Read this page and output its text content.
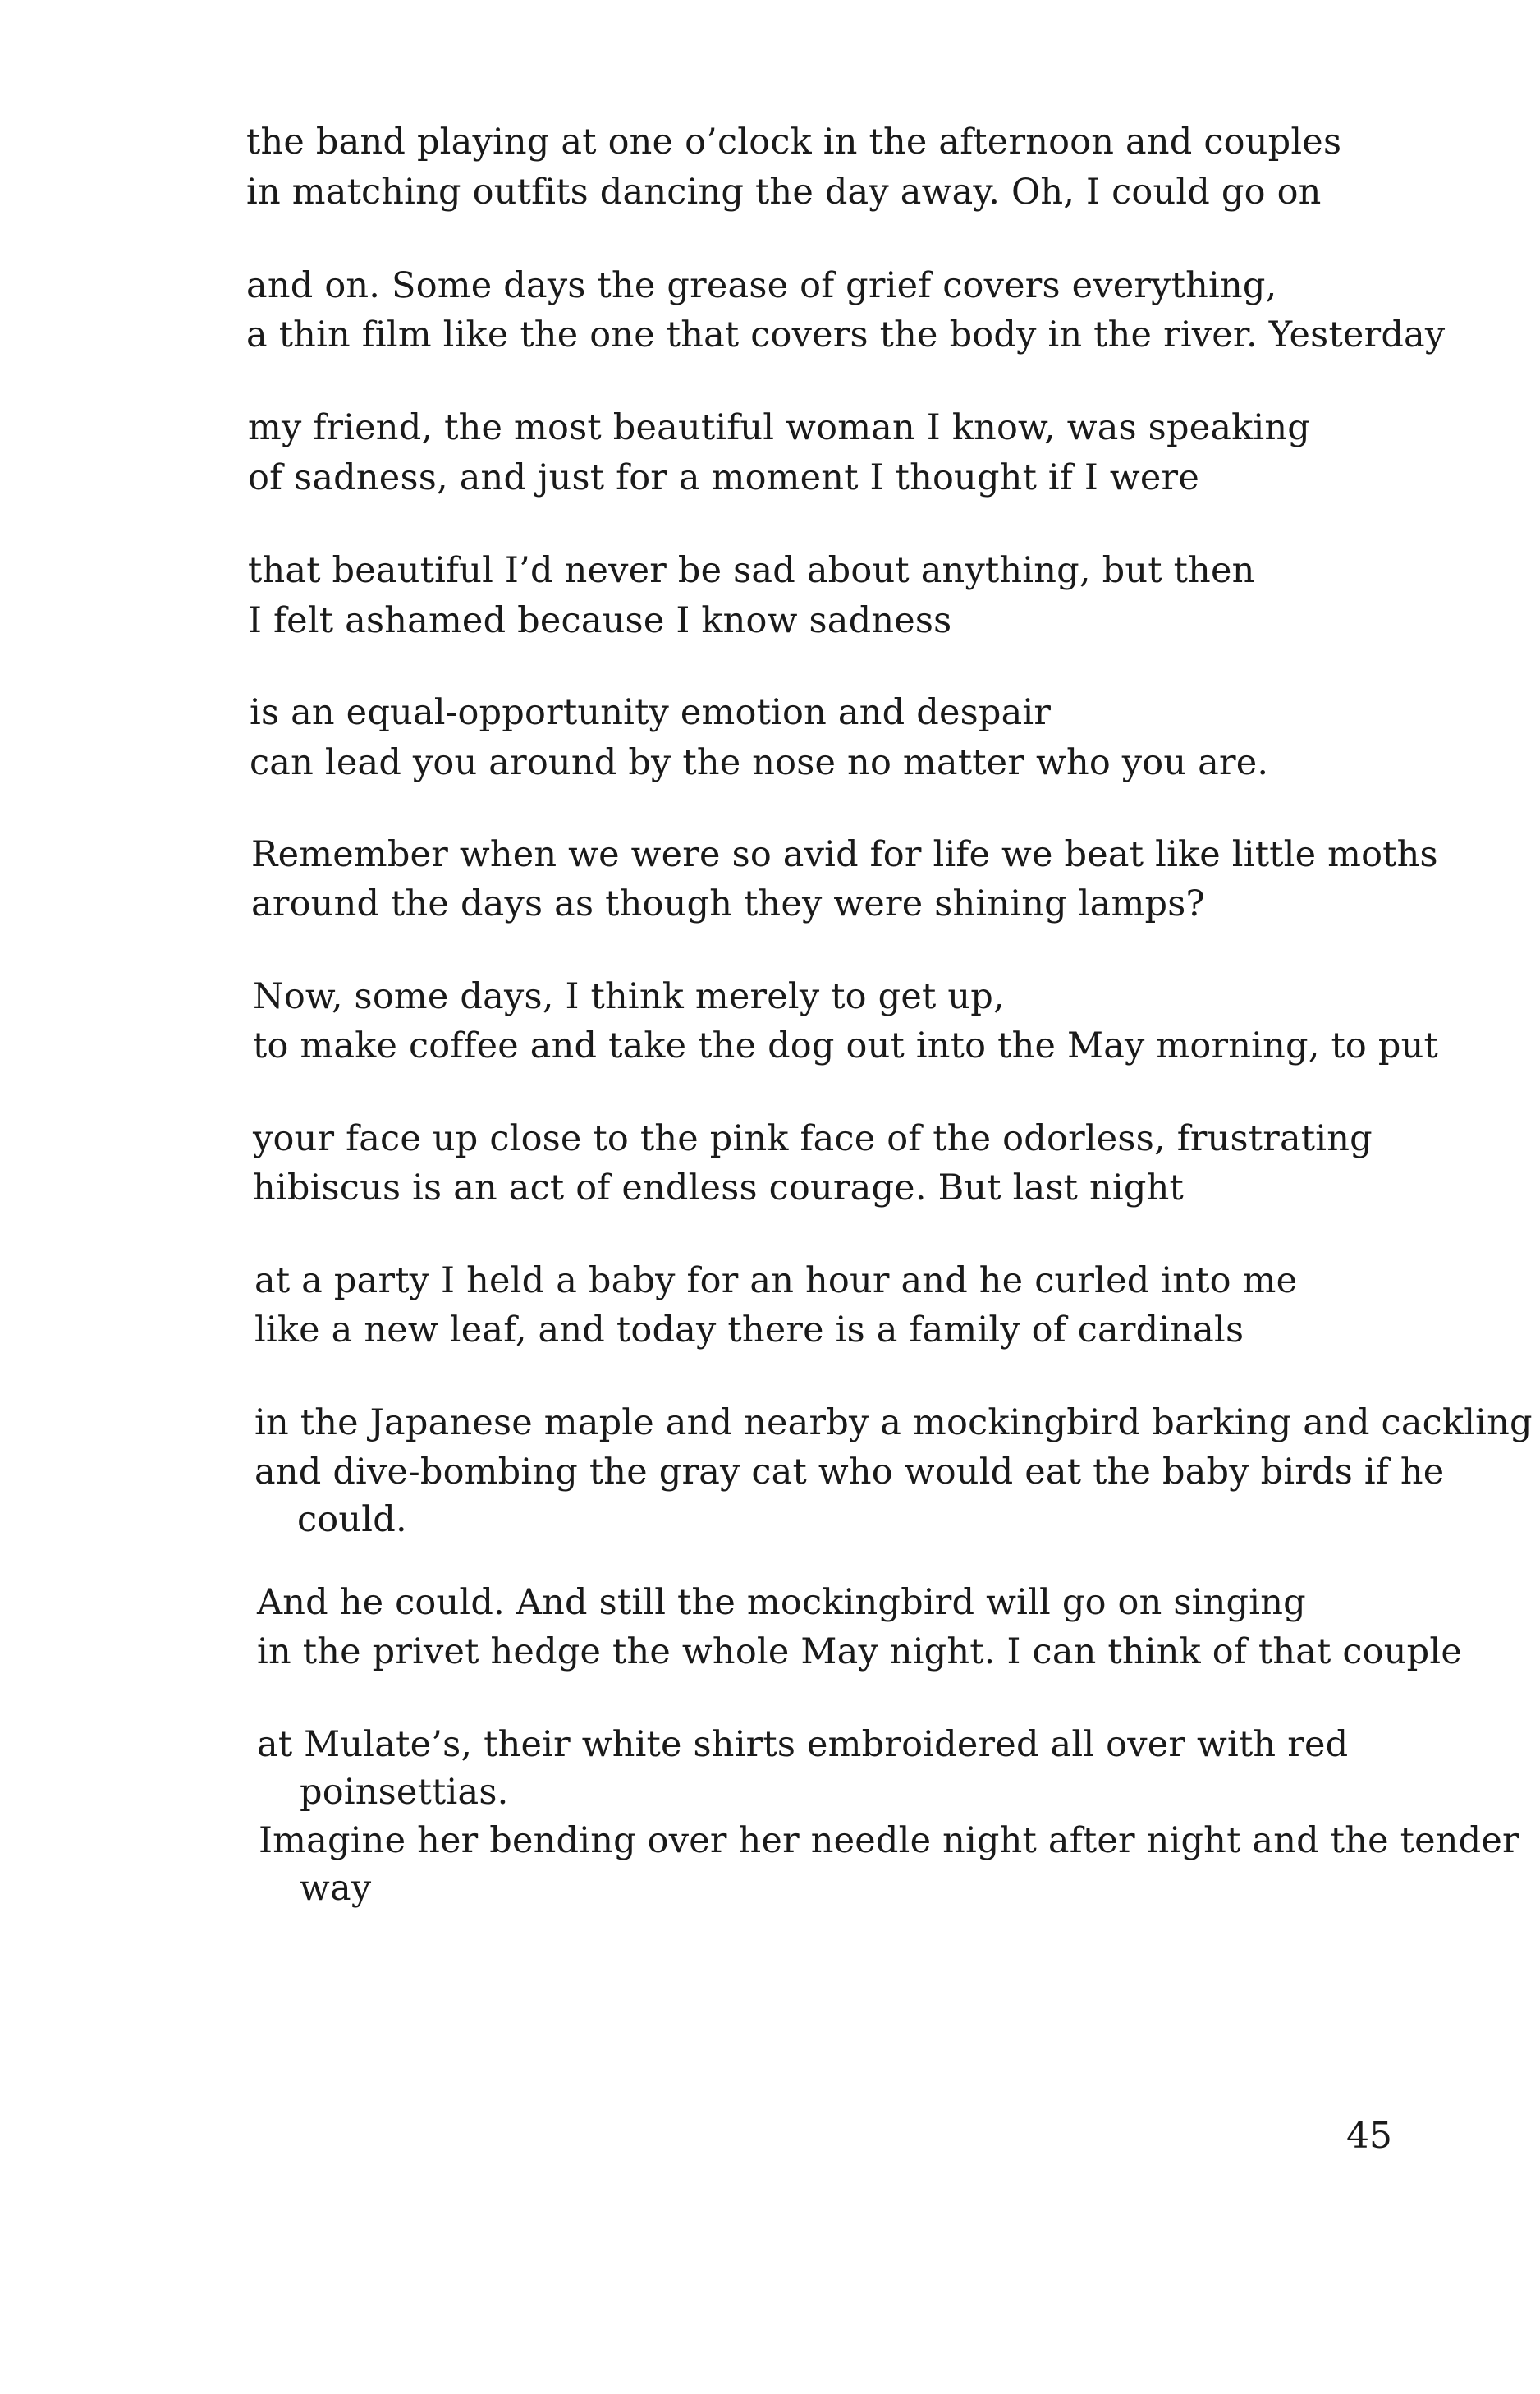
the band playing at one o’clock in the afternoon and couples
in matching outfits dancing the day away. Oh, I could go on
and on. Some days the grease of grief covers everything,
a thin film like the one that covers the body in the river. Yesterday
my friend, the most beautiful woman I know, was speaking
of sadness, and just for a moment I thought if I were
that beautiful I’d never be sad about anything, but then
I felt ashamed because I know sadness
is an equal-opportunity emotion and despair
can lead you around by the nose no matter who you are.
Remember when we were so avid for life we beat like little moths
around the days as though they were shining lamps?
Now, some days, I think merely to get up,
to make coffee and take the dog out into the May morning, to put
your face up close to the pink face of the odorless, frustrating
hibiscus is an act of endless courage. But last night
at a party I held a baby for an hour and he curled into me
like a new leaf, and today there is a family of cardinals
in the Japanese maple and nearby a mockingbird barking and cackling
and dive-bombing the gray cat who would eat the baby birds if he
could.
And he could. And still the mockingbird will go on singing
in the privet hedge the whole May night. I can think of that couple
at Mulate’s, their white shirts embroidered all over with red
poinsettias.
Imagine her bending over her needle night after night and the tender
way
45
